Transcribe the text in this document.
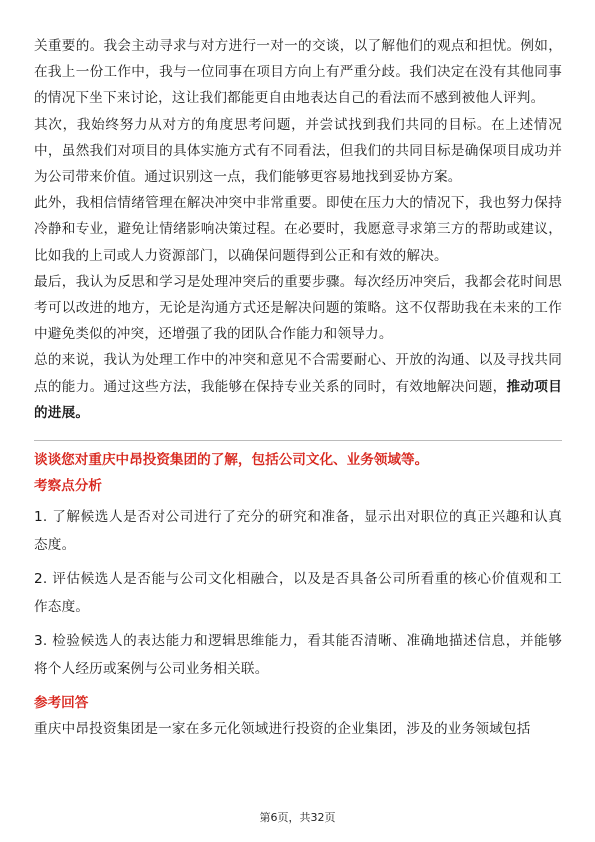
关重要的。我会主动寻求与对方进行一对一的交谈，以了解他们的观点和担忧。例如，在我上一份工作中，我与一位同事在项目方向上有严重分歧。我们决定在没有其他同事的情况下坐下来讨论，这让我们都能更自由地表达自己的看法而不感到被他人评判。

其次，我始终努力从对方的角度思考问题，并尝试找到我们共同的目标。在上述情况中，虽然我们对项目的具体实施方式有不同看法，但我们的共同目标是确保项目成功并为公司带来价值。通过识别这一点，我们能够更容易地找到妥协方案。

此外，我相信情绪管理在解决冲突中非常重要。即使在压力大的情况下，我也努力保持冷静和专业，避免让情绪影响决策过程。在必要时，我愿意寻求第三方的帮助或建议，比如我的上司或人力资源部门，以确保问题得到公正和有效的解决。

最后，我认为反思和学习是处理冲突后的重要步骤。每次经历冲突后，我都会花时间思考可以改进的地方，无论是沟通方式还是解决问题的策略。这不仅帮助我在未来的工作中避免类似的冲突，还增强了我的团队合作能力和领导力。

总的来说，我认为处理工作中的冲突和意见不合需要耐心、开放的沟通、以及寻找共同点的能力。通过这些方法，我能够在保持专业关系的同时，有效地解决问题，推动项目的进展。

谈谈您对重庆中昂投资集团的了解，包括公司文化、业务领域等。

考察点分析

1. 了解候选人是否对公司进行了充分的研究和准备，显示出对职位的真正兴趣和认真态度。

2. 评估候选人是否能与公司文化相融合，以及是否具备公司所看重的核心价值观和工作态度。

3. 检验候选人的表达能力和逻辑思维能力，看其能否清晰、准确地描述信息，并能够将个人经历或案例与公司业务相关联。

参考回答

重庆中昂投资集团是一家在多元化领域进行投资的企业集团，涉及的业务领域包括

第6页，共32页
